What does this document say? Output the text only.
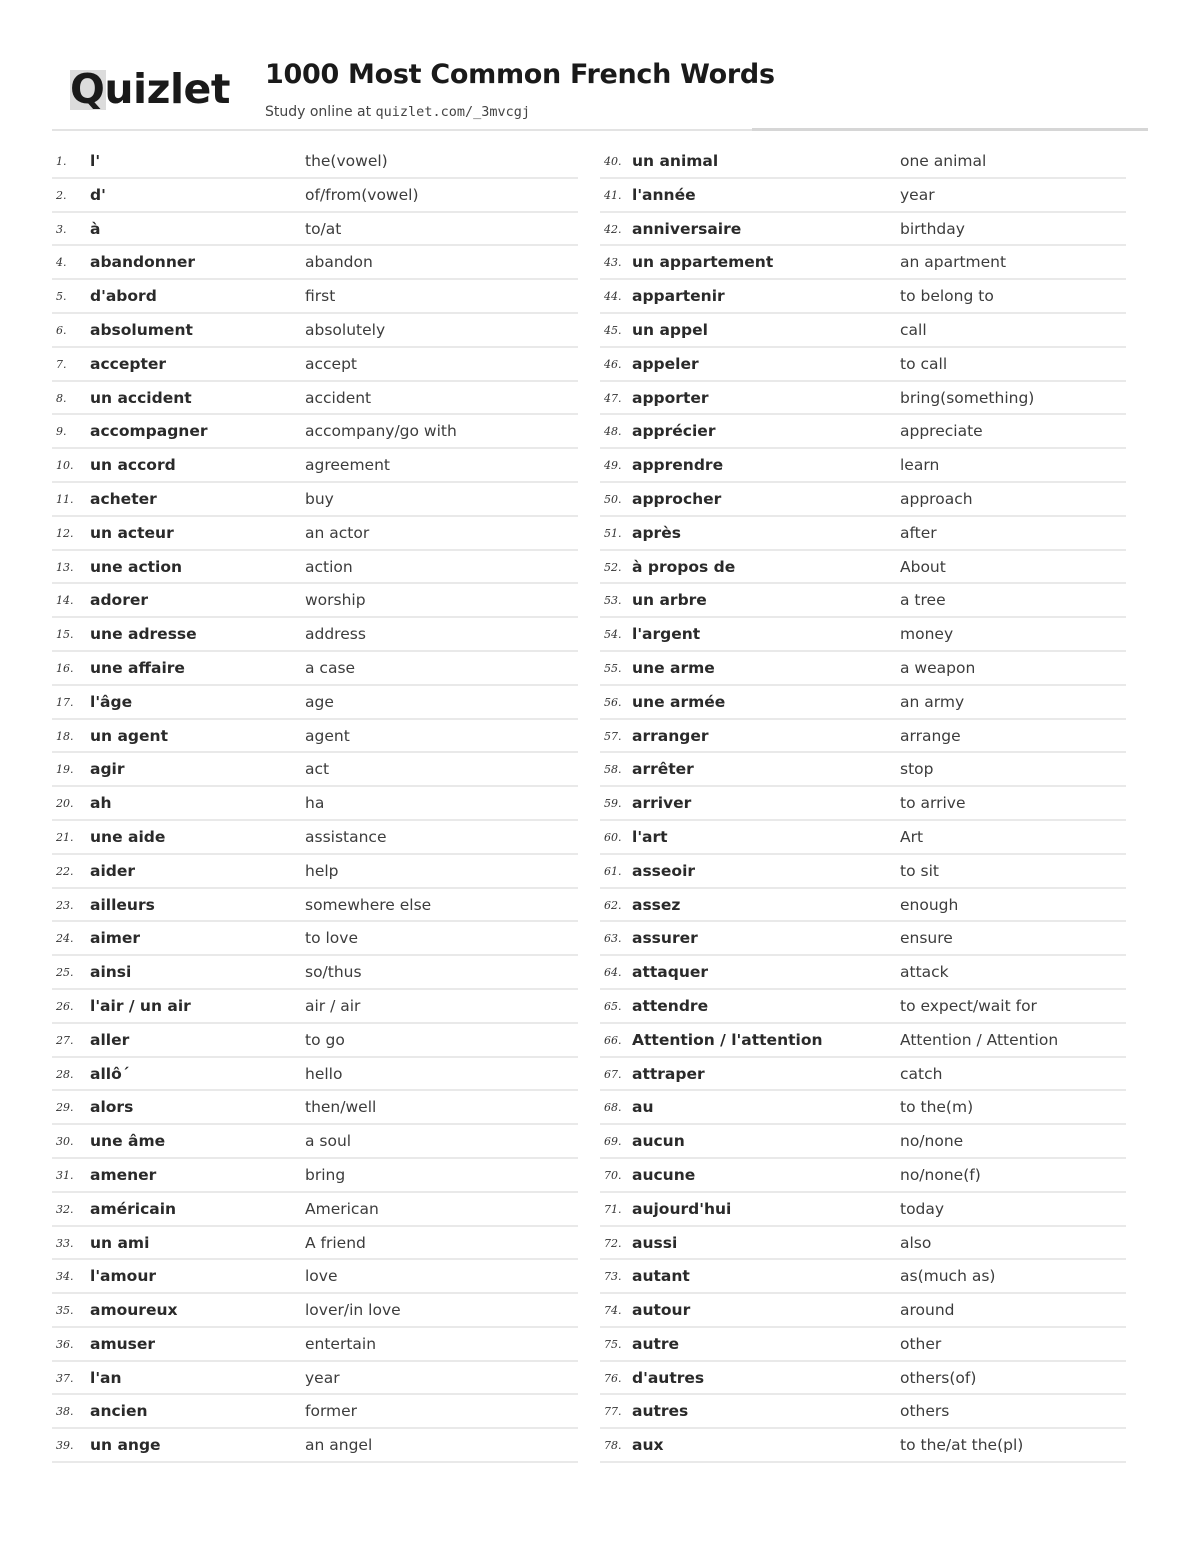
Quizlet 1000 Most Common French Words
Study online at quizlet.com/_3mvcgj
1. l'	the(vowel)
2. d'	of/from(vowel)
3. à	to/at
4. abandonner	abandon
5. d'abord	first
6. absolument	absolutely
7. accepter	accept
8. un accident	accident
9. accompagner	accompany/go with
10. un accord	agreement
11. acheter	buy
12. un acteur	an actor
13. une action	action
14. adorer	worship
15. une adresse	address
16. une affaire	a case
17. l'âge	age
18. un agent	agent
19. agir	act
20. ah	ha
21. une aide	assistance
22. aider	help
23. ailleurs	somewhere else
24. aimer	to love
25. ainsi	so/thus
26. l'air / un air	air / air
27. aller	to go
28. allô´	hello
29. alors	then/well
30. une âme	a soul
31. amener	bring
32. américain	American
33. un ami	A friend
34. l'amour	love
35. amoureux	lover/in love
36. amuser	entertain
37. l'an	year
38. ancien	former
39. un ange	an angel
40. un animal	one animal
41. l'année	year
42. anniversaire	birthday
43. un appartement	an apartment
44. appartenir	to belong to
45. un appel	call
46. appeler	to call
47. apporter	bring(something)
48. apprécier	appreciate
49. apprendre	learn
50. approcher	approach
51. après	after
52. à propos de	About
53. un arbre	a tree
54. l'argent	money
55. une arme	a weapon
56. une armée	an army
57. arranger	arrange
58. arrêter	stop
59. arriver	to arrive
60. l'art	Art
61. asseoir	to sit
62. assez	enough
63. assurer	ensure
64. attaquer	attack
65. attendre	to expect/wait for
66. Attention / l'attention	Attention / Attention
67. attraper	catch
68. au	to the(m)
69. aucun	no/none
70. aucune	no/none(f)
71. aujourd'hui	today
72. aussi	also
73. autant	as(much as)
74. autour	around
75. autre	other
76. d'autres	others(of)
77. autres	others
78. aux	to the/at the(pl)
